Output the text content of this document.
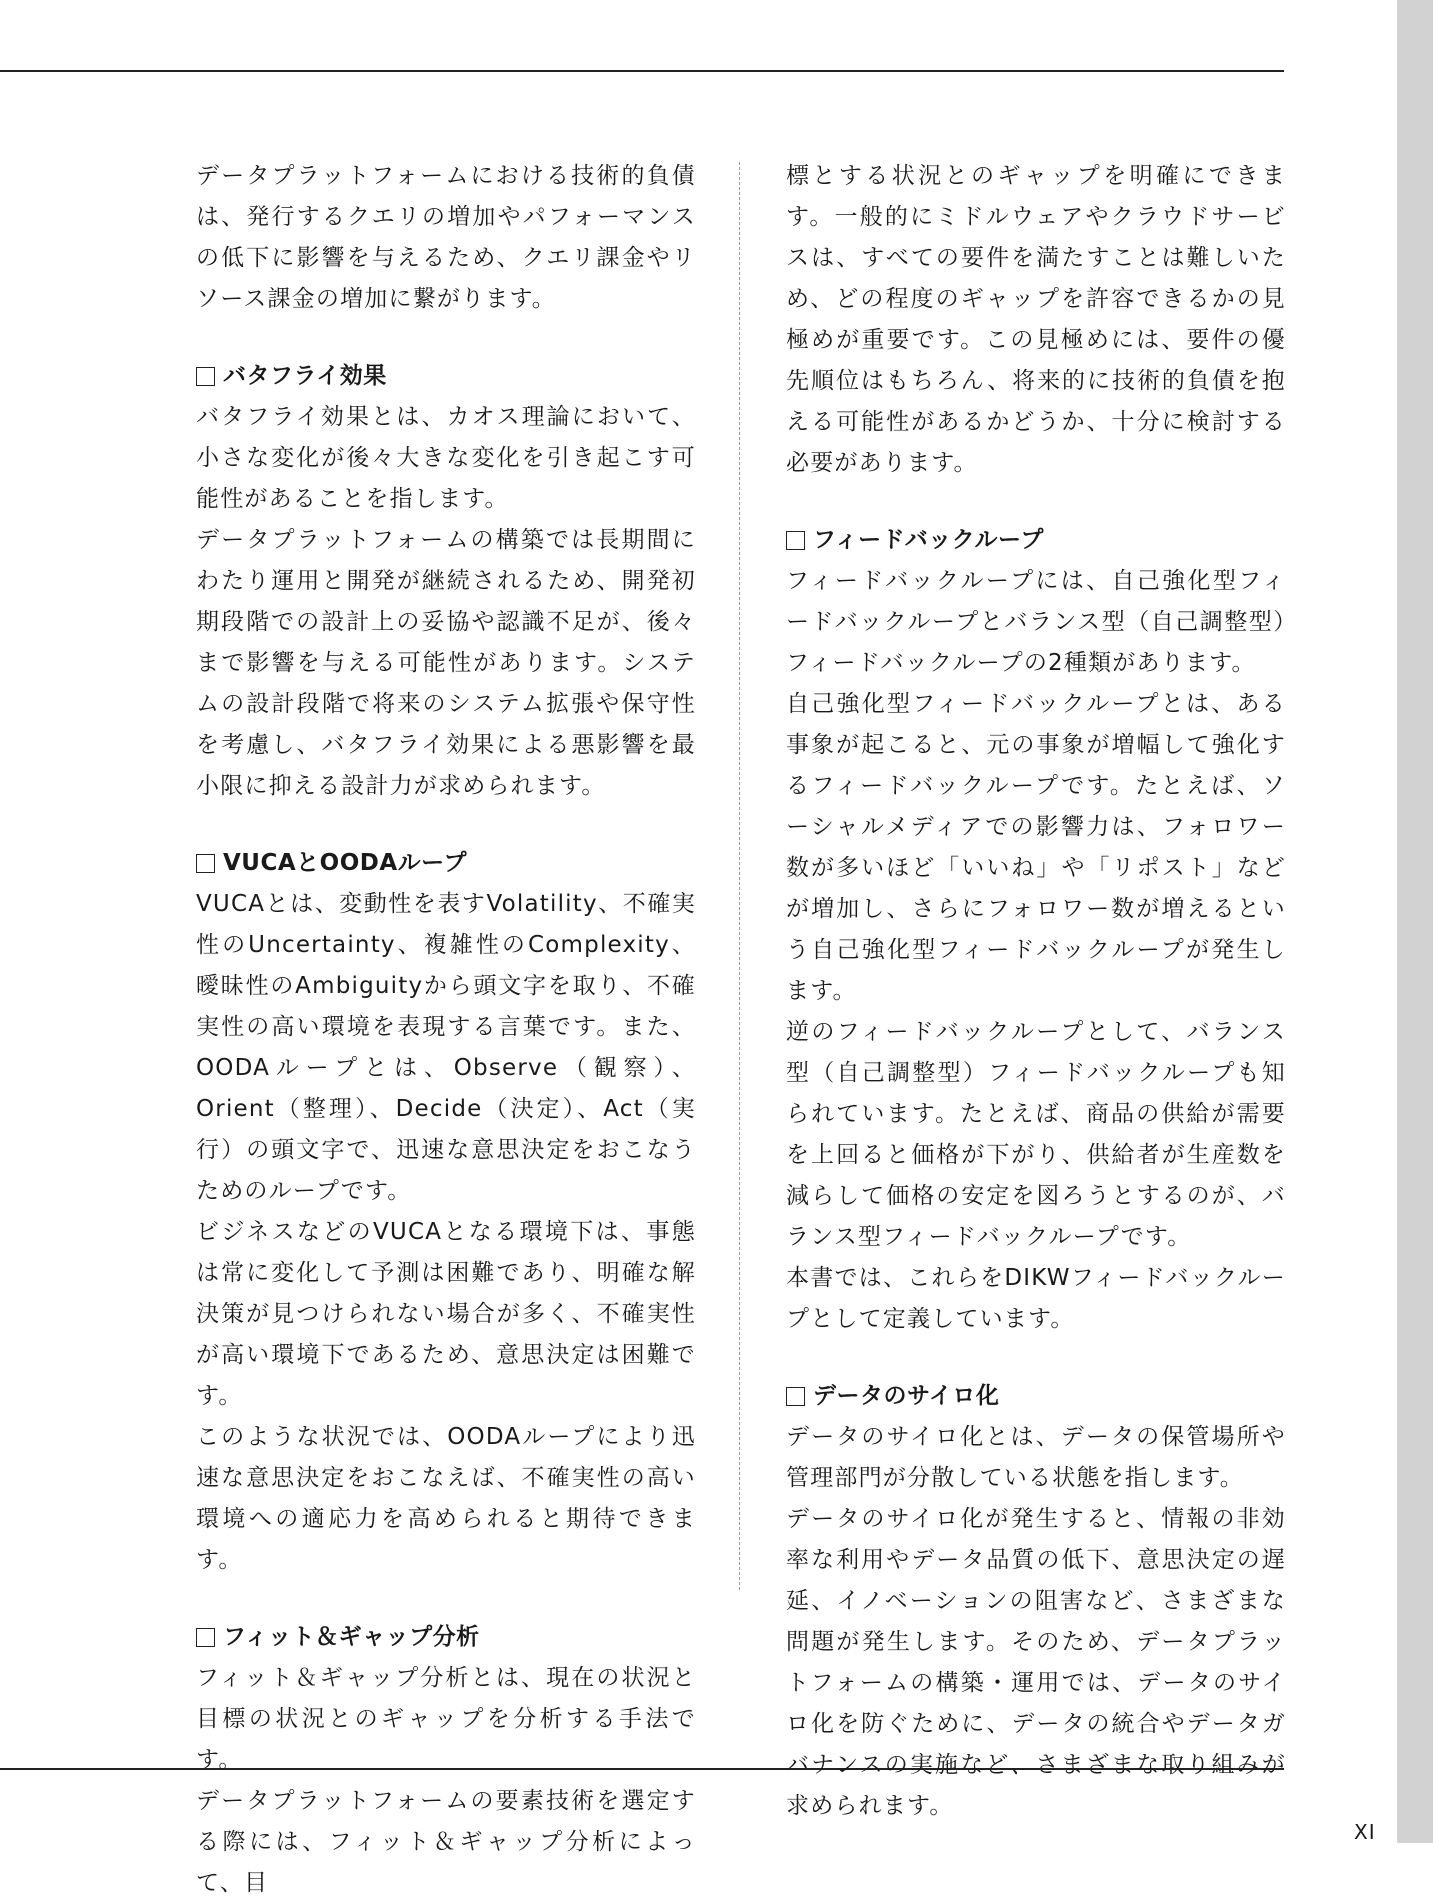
データプラットフォームにおける技術的負債は、発行するクエリの増加やパフォーマンスの低下に影響を与えるため、クエリ課金やリソース課金の増加に繋がります。

バタフライ効果

バタフライ効果とは、カオス理論において、小さな変化が後々大きな変化を引き起こす可能性があることを指します。

データプラットフォームの構築では長期間にわたり運用と開発が継続されるため、開発初期段階での設計上の妥協や認識不足が、後々まで影響を与える可能性があります。システムの設計段階で将来のシステム拡張や保守性を考慮し、バタフライ効果による悪影響を最小限に抑える設計力が求められます。

VUCAとOODAループ

VUCAとは、変動性を表すVolatility、不確実性のUncertainty、複雑性のComplexity、曖昧性のAmbiguityから頭文字を取り、不確実性の高い環境を表現する言葉です。また、OODAループとは、Observe（観察）、Orient（整理）、Decide（決定）、Act（実行）の頭文字で、迅速な意思決定をおこなうためのループです。

ビジネスなどのVUCAとなる環境下は、事態は常に変化して予測は困難であり、明確な解決策が見つけられない場合が多く、不確実性が高い環境下であるため、意思決定は困難です。

このような状況では、OODAループにより迅速な意思決定をおこなえば、不確実性の高い環境への適応力を高められると期待できます。

フィット＆ギャップ分析

フィット＆ギャップ分析とは、現在の状況と目標の状況とのギャップを分析する手法です。

データプラットフォームの要素技術を選定する際には、フィット＆ギャップ分析によって、目

標とする状況とのギャップを明確にできます。一般的にミドルウェアやクラウドサービスは、すべての要件を満たすことは難しいため、どの程度のギャップを許容できるかの見極めが重要です。この見極めには、要件の優先順位はもちろん、将来的に技術的負債を抱える可能性があるかどうか、十分に検討する必要があります。

フィードバックループ

フィードバックループには、自己強化型フィードバックループとバランス型（自己調整型）フィードバックループの2種類があります。

自己強化型フィードバックループとは、ある事象が起こると、元の事象が増幅して強化するフィードバックループです。たとえば、ソーシャルメディアでの影響力は、フォロワー数が多いほど「いいね」や「リポスト」などが増加し、さらにフォロワー数が増えるという自己強化型フィードバックループが発生します。

逆のフィードバックループとして、バランス型（自己調整型）フィードバックループも知られています。たとえば、商品の供給が需要を上回ると価格が下がり、供給者が生産数を減らして価格の安定を図ろうとするのが、バランス型フィードバックループです。

本書では、これらをDIKWフィードバックループとして定義しています。

データのサイロ化

データのサイロ化とは、データの保管場所や管理部門が分散している状態を指します。

データのサイロ化が発生すると、情報の非効率な利用やデータ品質の低下、意思決定の遅延、イノベーションの阻害など、さまざまな問題が発生します。そのため、データプラットフォームの構築・運用では、データのサイロ化を防ぐために、データの統合やデータガバナンスの実施など、さまざまな取り組みが求められます。

XI
